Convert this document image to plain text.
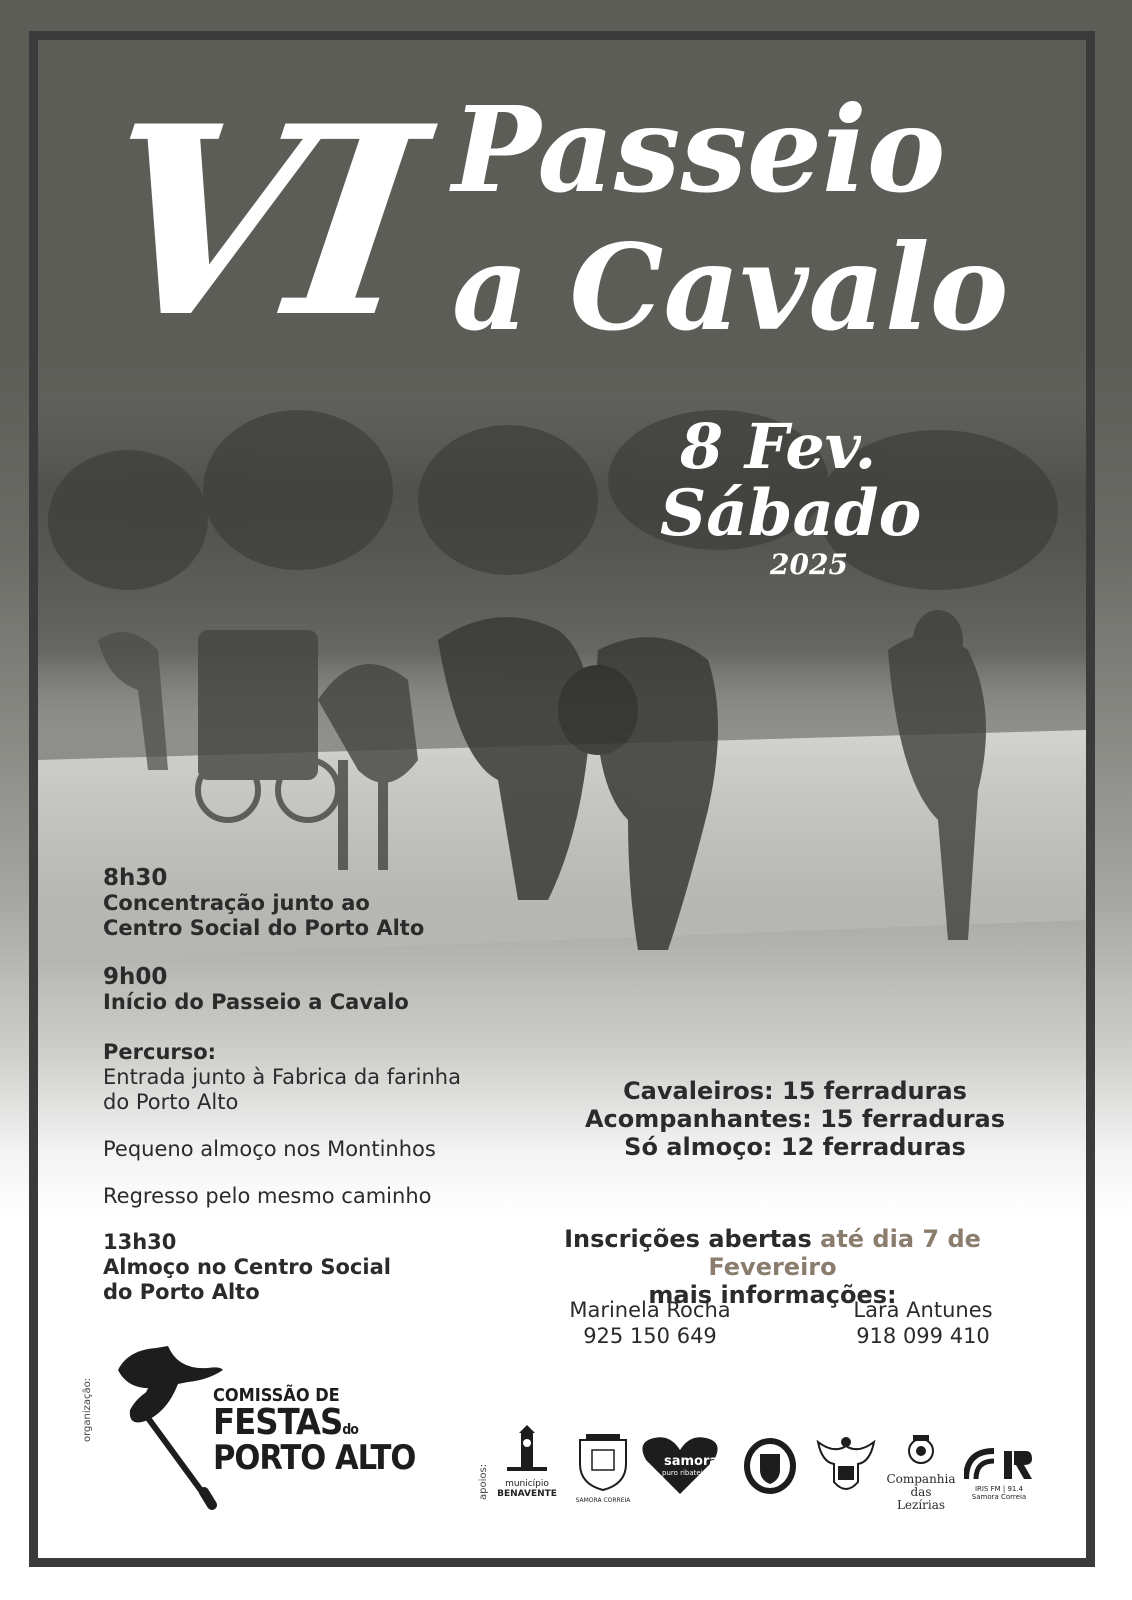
VI Passeio
a Cavalo
8 Fev.
Sábado
2025
8h30
Concentração junto ao
Centro Social do Porto Alto
9h00
Início do Passeio a Cavalo
Percurso:
Entrada junto à Fabrica da farinha
do Porto Alto
Pequeno almoço nos Montinhos
Regresso pelo mesmo caminho
13h30
Almoço no Centro Social
do Porto Alto
Cavaleiros: 15 ferraduras
Acompanhantes: 15 ferraduras
Só almoço: 12 ferraduras
Inscrições abertas até dia 7 de Fevereiro
mais informações:
Marinela Rocha
925 150 649
Lara Antunes
918 099 410
organização:	COMISSÃO DE
FESTASdo
PORTO ALTO
apoios:	município
BENAVENTE
SAMORA CORREIA
samora
puro ribatejo	Companhia
das Lezírias
IRIS FM | 91.4
Samora Correia
